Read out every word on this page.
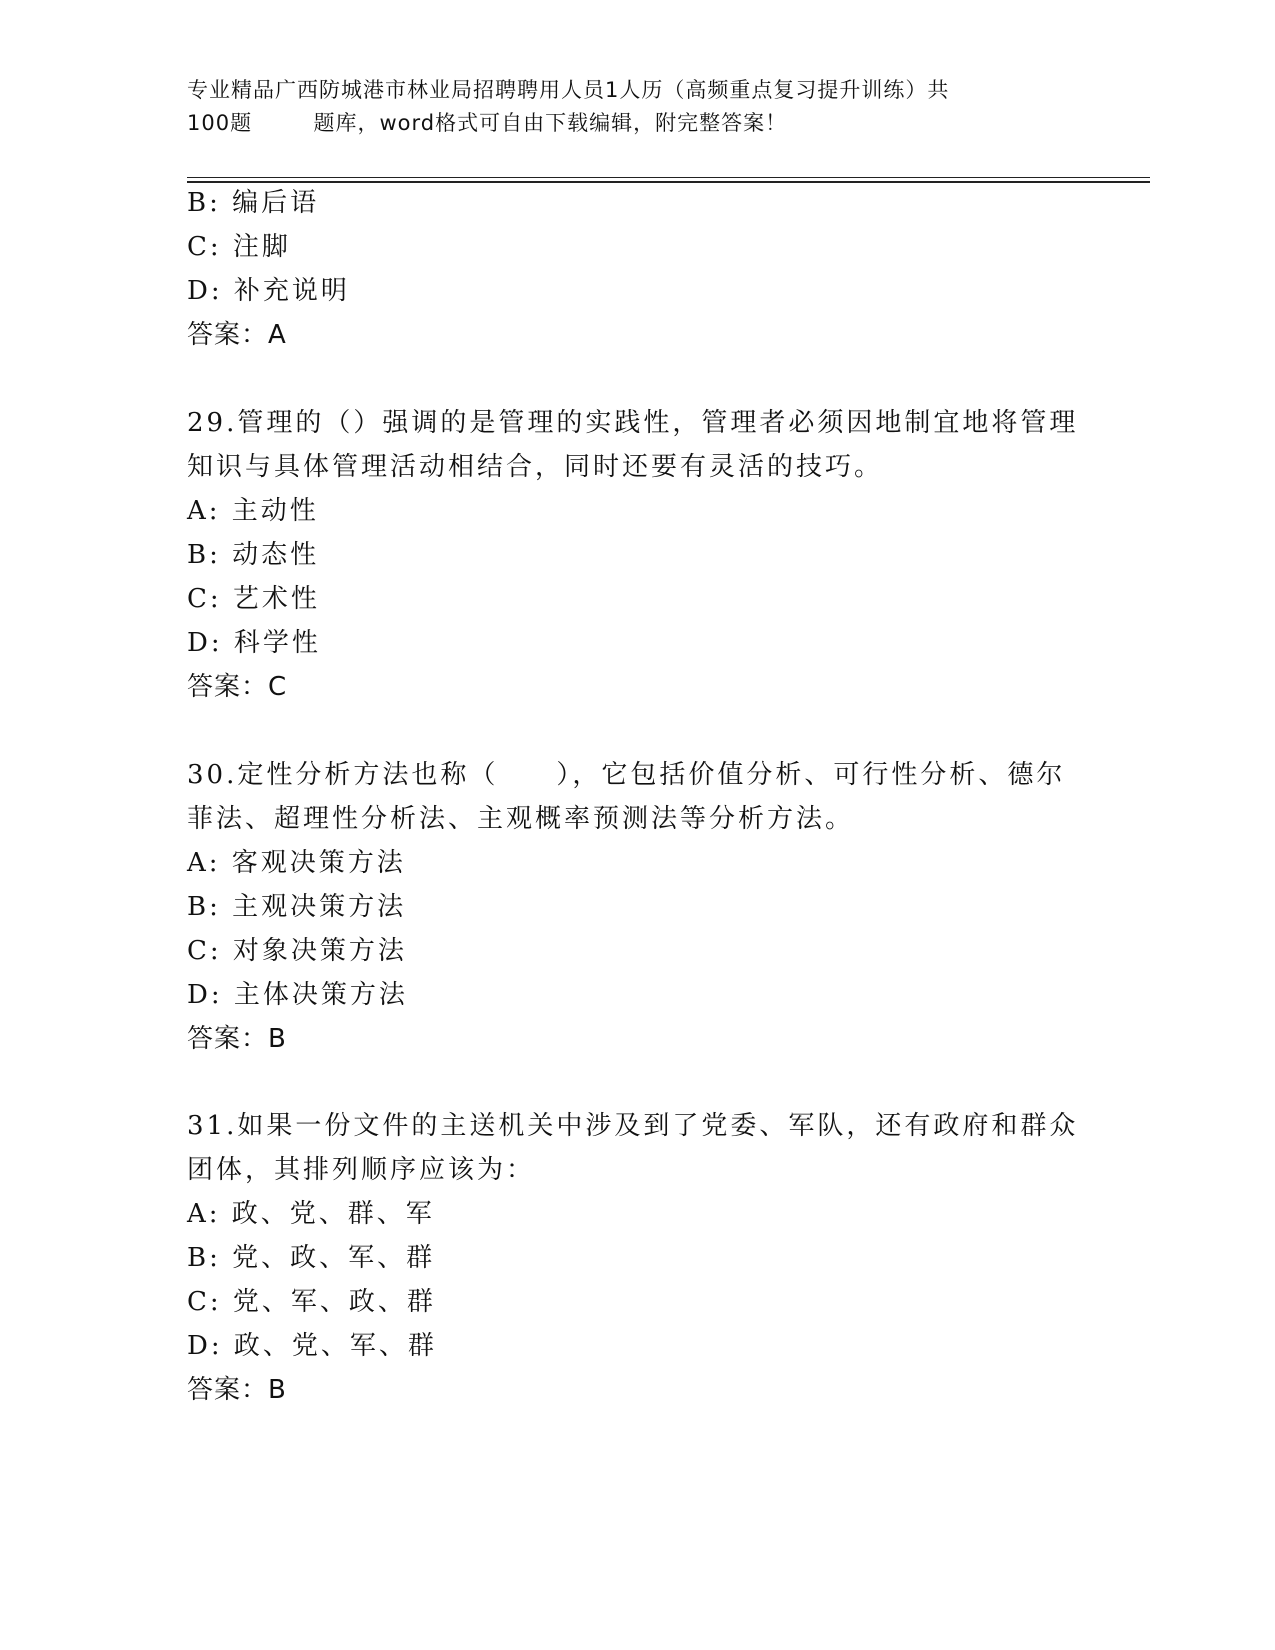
专业精品广西防城港市林业局招聘聘用人员1人历（高频重点复习提升训练）共
100题        题库，word格式可自由下载编辑，附完整答案！
B: 编后语
C: 注脚
D: 补充说明
答案：A
29.管理的（）强调的是管理的实践性，管理者必须因地制宜地将管理
知识与具体管理活动相结合，同时还要有灵活的技巧。
A: 主动性
B: 动态性
C: 艺术性
D: 科学性
答案：C
30.定性分析方法也称（　　），它包括价值分析、可行性分析、德尔
菲法、超理性分析法、主观概率预测法等分析方法。
A: 客观决策方法
B: 主观决策方法
C: 对象决策方法
D: 主体决策方法
答案：B
31.如果一份文件的主送机关中涉及到了党委、军队，还有政府和群众
团体，其排列顺序应该为：
A: 政、党、群、军
B: 党、政、军、群
C: 党、军、政、群
D: 政、党、军、群
答案：B
